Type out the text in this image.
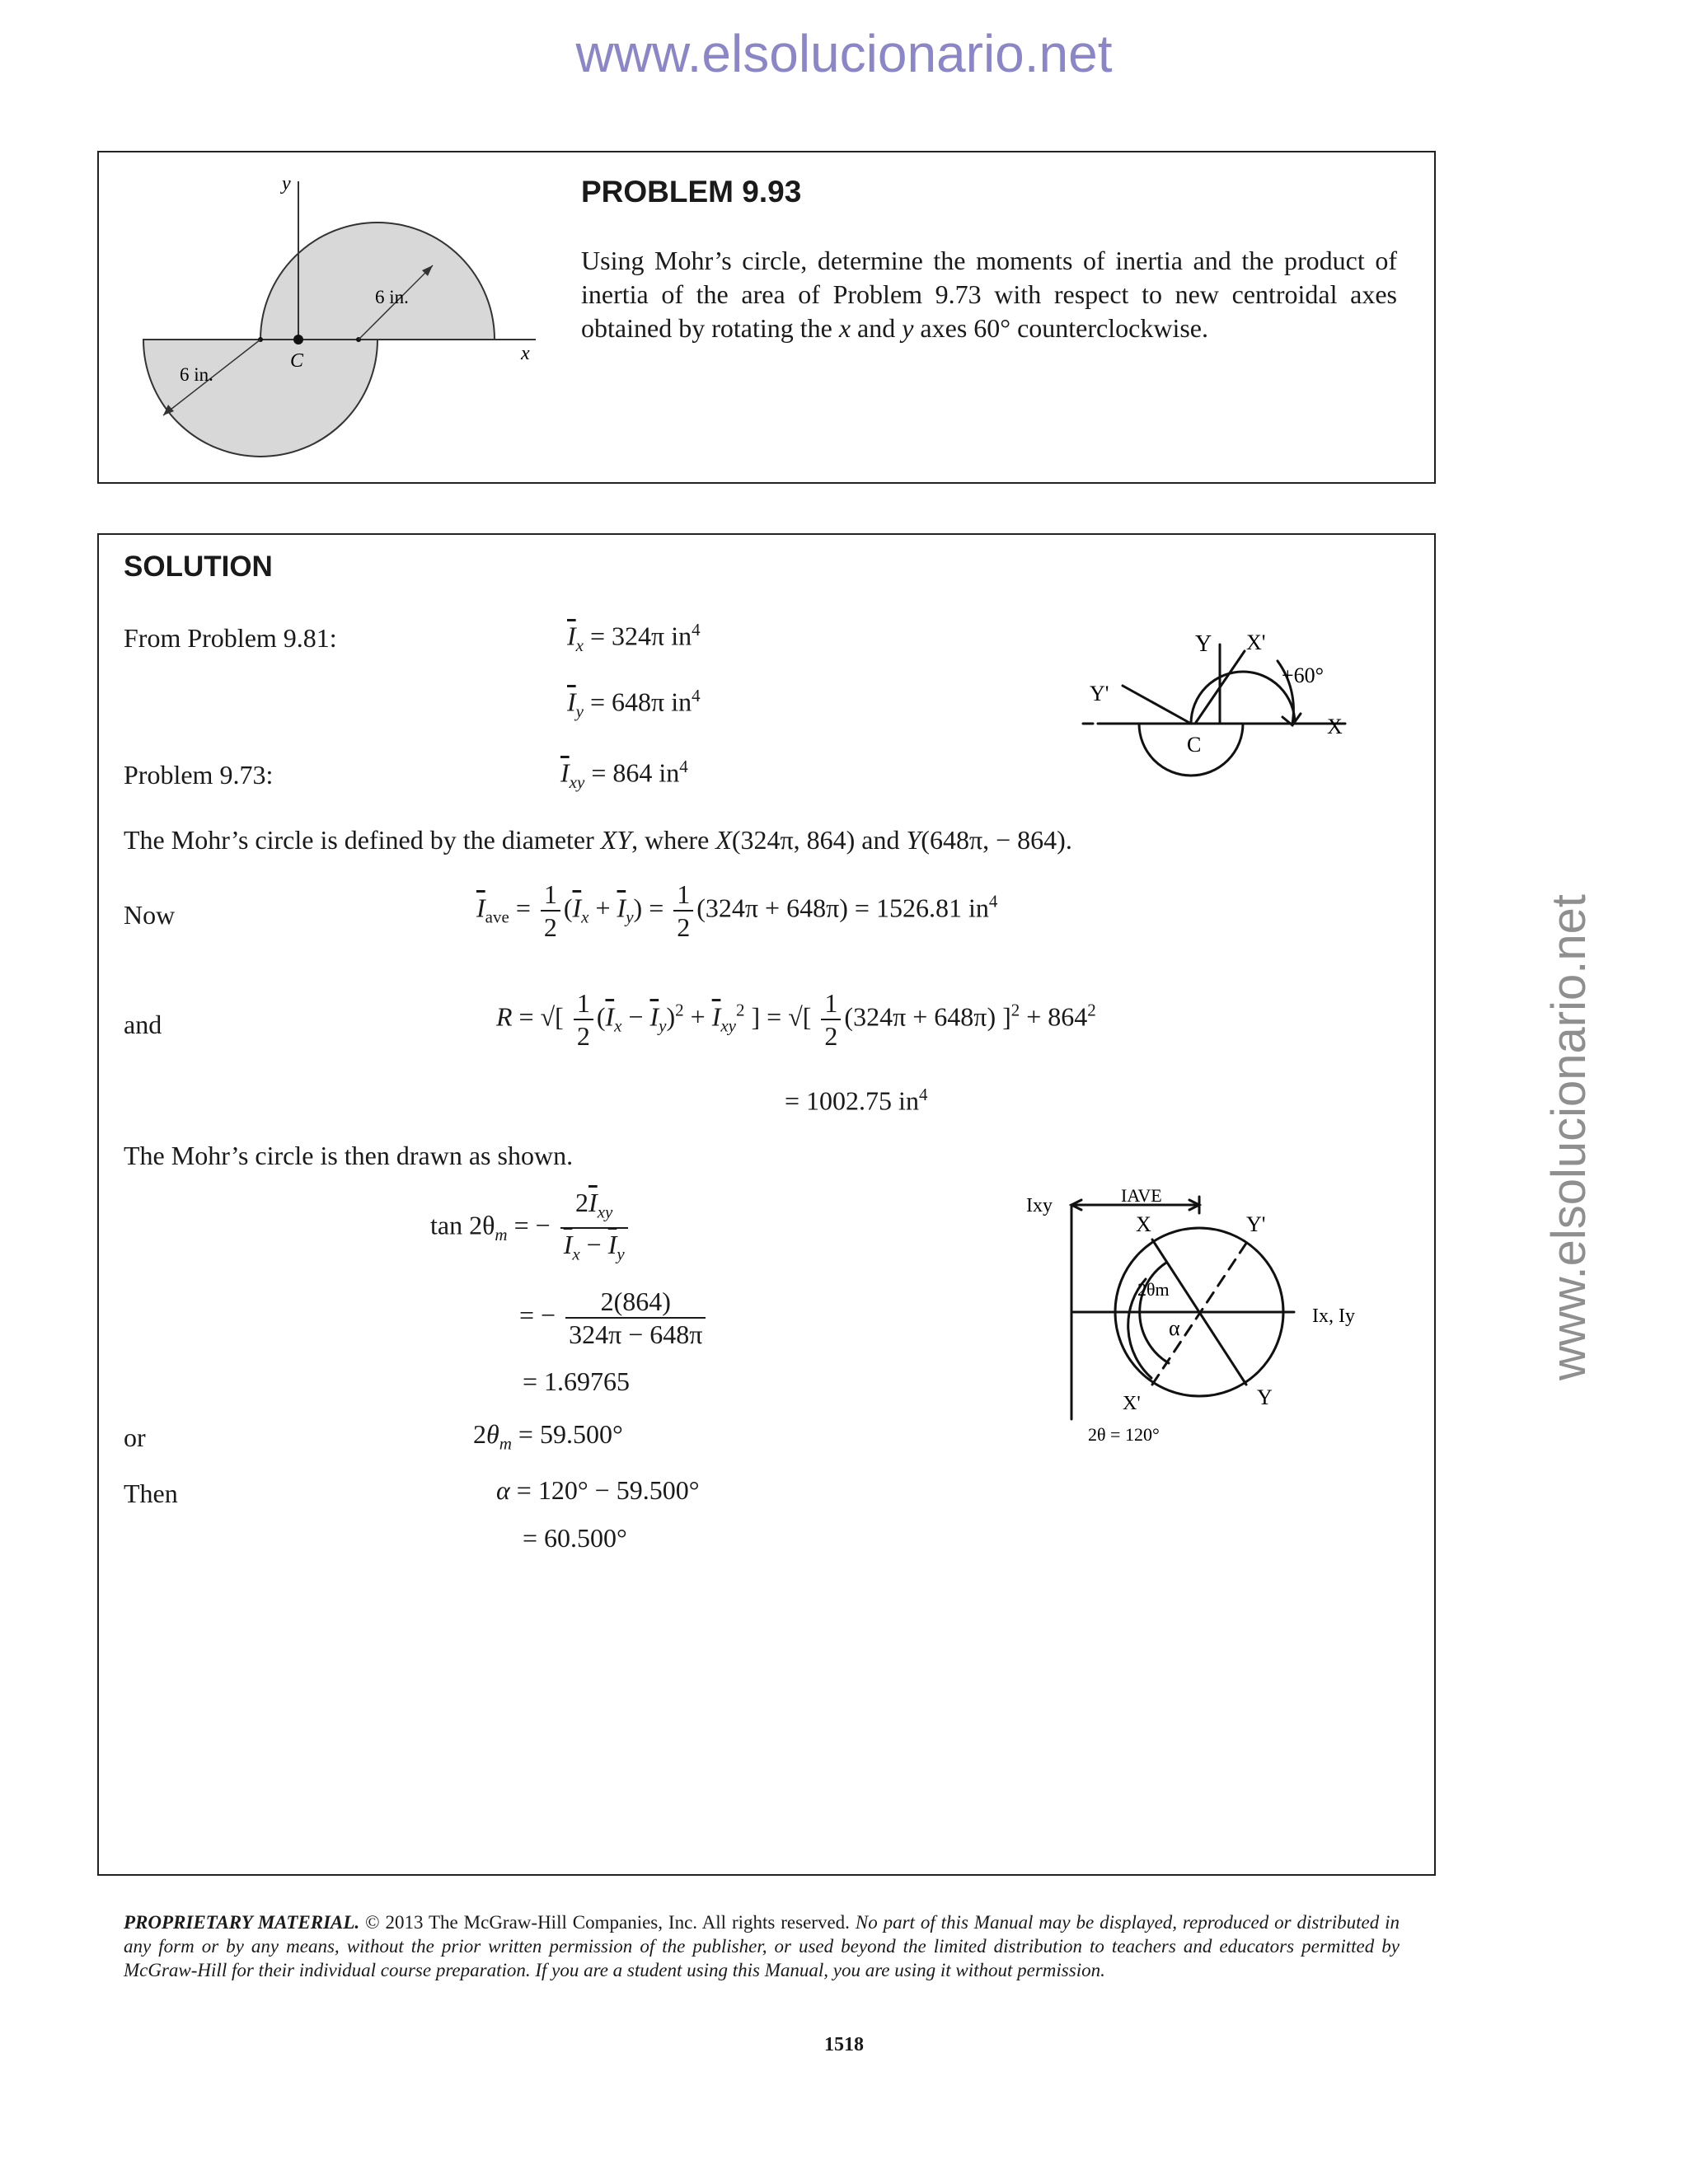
www.elsolucionario.net
www.elsolucionario.net
y
x
C
6 in.
6 in.
PROBLEM 9.93
Using Mohr’s circle, determine the moments of inertia and the product of inertia of the area of Problem 9.73 with respect to new centroidal axes obtained by rotating the x and y axes 60° counterclockwise.
SOLUTION
From Problem 9.81:	$\overline{I}_x = 324\pi$ $in^4$
$\overline{I}_y = 648\pi$ $in^4$
Problem 9.73:	$\overline{I}_{xy} = 864$ $in^4$
Y
Y'
X'
+60°
X
C
The Mohr’s circle is defined by the diameter XY, where X(324π, 864) and Y(648π, − 864).
Now	$\overline{I}_{ave} = \frac{1}{2} (\overline{I}_x + \overline{I}_y) = \frac{1}{2} (324\pi + 648\pi) = 1526.81$ $in^4$
and	R = √[ $\frac{1}{2} (\overline{I}_x - \overline{I}_y)^2 + \overline{I}_{xy}^2$ ] = √[ $\frac{1}{2} (324\pi + 648\pi) ]^2 + 864^2$
= 1002.75 $in^4$
The Mohr’s circle is then drawn as shown.
$\tan 2\theta_m$ = − $\frac{2\overline{I}_{xy}}{\overline{I}_x - \overline{I}_y}$
= − $\frac{2(864)}{324\pi - 648\pi}$
= 1.69765
or	$2\theta_m = 59.500^\circ$
Then	α = 120° − 59.500°
= 60.500°
Ixy	IAVE
X	Y'
Ix, Iy
2θm
α
X'	Y
2θ = 120°
PROPRIETARY MATERIAL. © 2013 The McGraw-Hill Companies, Inc. All rights reserved. No part of this Manual may be displayed, reproduced or distributed in any form or by any means, without the prior written permission of the publisher, or used beyond the limited distribution to teachers and educators permitted by McGraw-Hill for their individual course preparation. If you are a student using this Manual, you are using it without permission.
1518
